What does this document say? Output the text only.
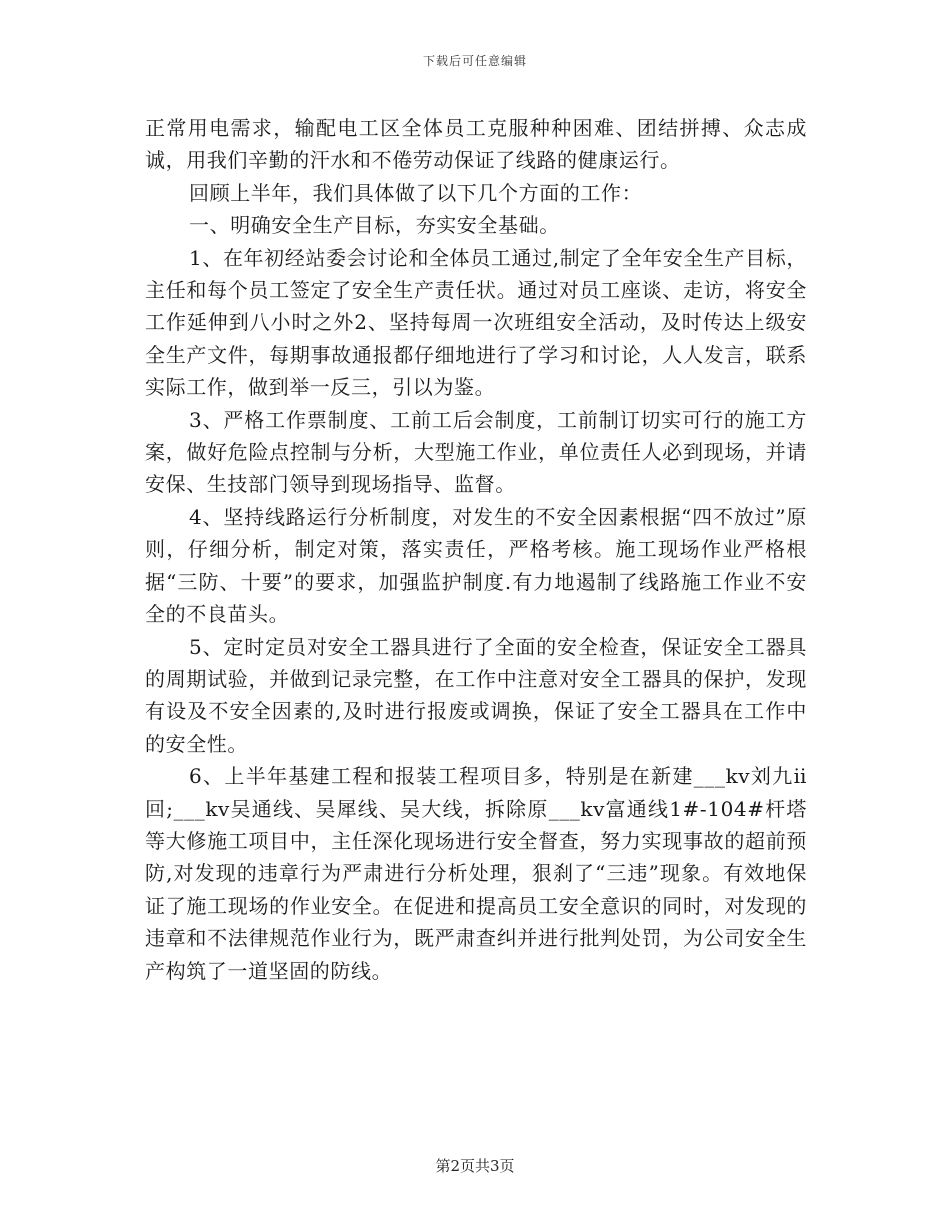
下载后可任意编辑

正常用电需求，输配电工区全体员工克服种种困难、团结拼搏、众志成诚，用我们辛勤的汗水和不倦劳动保证了线路的健康运行。

回顾上半年，我们具体做了以下几个方面的工作：

一、明确安全生产目标，夯实安全基础。

1、在年初经站委会讨论和全体员工通过,制定了全年安全生产目标，主任和每个员工签定了安全生产责任状。通过对员工座谈、走访，将安全工作延伸到八小时之外2、坚持每周一次班组安全活动，及时传达上级安全生产文件，每期事故通报都仔细地进行了学习和讨论，人人发言，联系实际工作，做到举一反三，引以为鉴。

3、严格工作票制度、工前工后会制度，工前制订切实可行的施工方案，做好危险点控制与分析，大型施工作业，单位责任人必到现场，并请安保、生技部门领导到现场指导、监督。

4、坚持线路运行分析制度，对发生的不安全因素根据“四不放过”原则，仔细分析，制定对策，落实责任，严格考核。施工现场作业严格根据“三防、十要”的要求，加强监护制度.有力地遏制了线路施工作业不安全的不良苗头。

5、定时定员对安全工器具进行了全面的安全检查，保证安全工器具的周期试验，并做到记录完整，在工作中注意对安全工器具的保护，发现有设及不安全因素的,及时进行报废或调换，保证了安全工器具在工作中的安全性。

6、上半年基建工程和报装工程项目多，特别是在新建___kv刘九ⅱ回;___kv吴通线、吴犀线、吴大线，拆除原___kv富通线1#-104#杆塔等大修施工项目中，主任深化现场进行安全督查，努力实现事故的超前预防,对发现的违章行为严肃进行分析处理，狠刹了“三违”现象。有效地保证了施工现场的作业安全。在促进和提高员工安全意识的同时，对发现的违章和不法律规范作业行为，既严肃查纠并进行批判处罚，为公司安全生产构筑了一道坚固的防线。

第2页共3页
